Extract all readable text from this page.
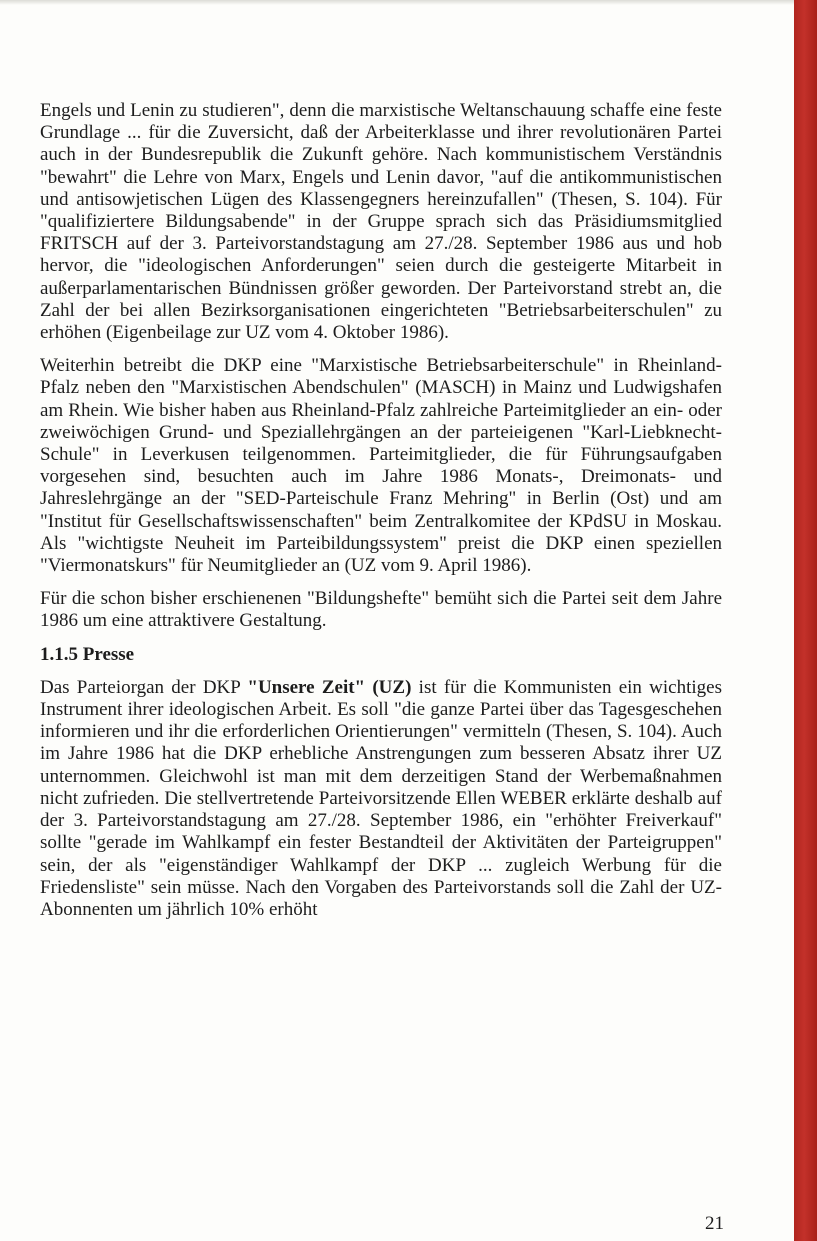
Engels und Lenin zu studieren", denn die marxistische Weltanschauung schaffe eine feste Grundlage ... für die Zuversicht, daß der Arbeiterklasse und ihrer revolutionären Partei auch in der Bundesrepublik die Zukunft gehöre. Nach kommunistischem Verständnis "bewahrt" die Lehre von Marx, Engels und Lenin davor, "auf die antikommunistischen und antisowjetischen Lügen des Klassengegners hereinzufallen" (Thesen, S. 104). Für "qualifiziertere Bildungsabende" in der Gruppe sprach sich das Präsidiumsmitglied FRITSCH auf der 3. Parteivorstandstagung am 27./28. September 1986 aus und hob hervor, die "ideologischen Anforderungen" seien durch die gesteigerte Mitarbeit in außerparlamentarischen Bündnissen größer geworden. Der Parteivorstand strebt an, die Zahl der bei allen Bezirksorganisationen eingerichteten "Betriebsarbeiterschulen" zu erhöhen (Eigenbeilage zur UZ vom 4. Oktober 1986).

Weiterhin betreibt die DKP eine "Marxistische Betriebsarbeiterschule" in Rheinland-Pfalz neben den "Marxistischen Abendschulen" (MASCH) in Mainz und Ludwigshafen am Rhein. Wie bisher haben aus Rheinland-Pfalz zahlreiche Parteimitglieder an ein- oder zweiwöchigen Grund- und Speziallehrgängen an der parteieigenen "Karl-Liebknecht-Schule" in Leverkusen teilgenommen. Parteimitglieder, die für Führungsaufgaben vorgesehen sind, besuchten auch im Jahre 1986 Monats-, Dreimonats- und Jahreslehrgänge an der "SED-Parteischule Franz Mehring" in Berlin (Ost) und am "Institut für Gesellschaftswissenschaften" beim Zentralkomitee der KPdSU in Moskau. Als "wichtigste Neuheit im Parteibildungssystem" preist die DKP einen speziellen "Viermonatskurs" für Neumitglieder an (UZ vom 9. April 1986).

Für die schon bisher erschienenen "Bildungshefte" bemüht sich die Partei seit dem Jahre 1986 um eine attraktivere Gestaltung.

1.1.5 Presse

Das Parteiorgan der DKP "Unsere Zeit" (UZ) ist für die Kommunisten ein wichtiges Instrument ihrer ideologischen Arbeit. Es soll "die ganze Partei über das Tagesgeschehen informieren und ihr die erforderlichen Orientierungen" vermitteln (Thesen, S. 104). Auch im Jahre 1986 hat die DKP erhebliche Anstrengungen zum besseren Absatz ihrer UZ unternommen. Gleichwohl ist man mit dem derzeitigen Stand der Werbemaßnahmen nicht zufrieden. Die stellvertretende Parteivorsitzende Ellen WEBER erklärte deshalb auf der 3. Parteivorstandstagung am 27./28. September 1986, ein "erhöhter Freiverkauf" sollte "gerade im Wahlkampf ein fester Bestandteil der Aktivitäten der Parteigruppen" sein, der als "eigenständiger Wahlkampf der DKP ... zugleich Werbung für die Friedensliste" sein müsse. Nach den Vorgaben des Parteivorstands soll die Zahl der UZ-Abonnenten um jährlich 10% erhöht

21
